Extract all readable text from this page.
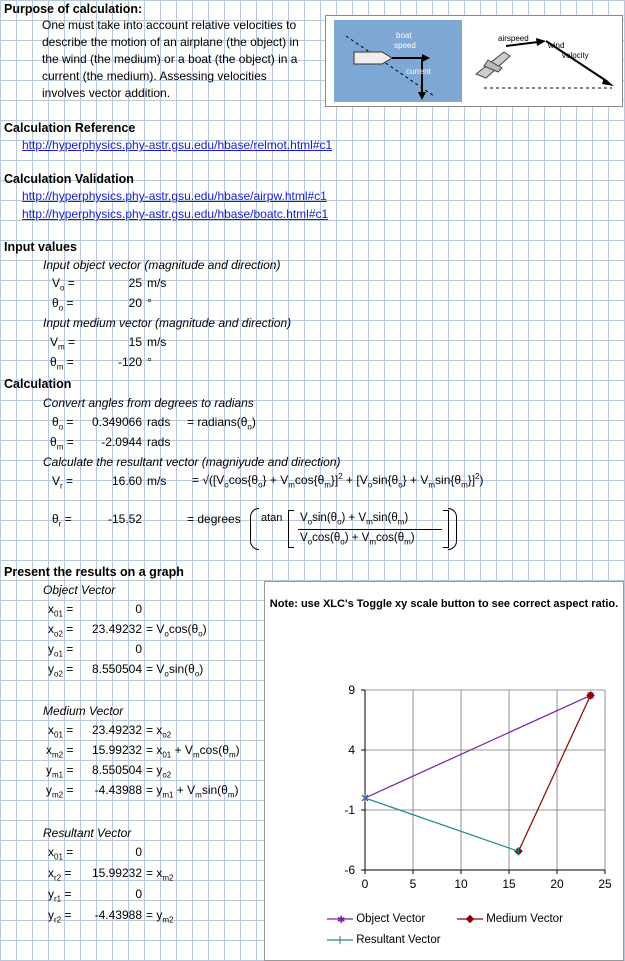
Purpose of calculation:
One must take into account relative velocities to
describe the motion of an airplane (the object) in
the wind (the medium) or a boat (the object) in a
current (the medium). Assessing velocities
involves vector addition.
boat
speed
current
airspeed
wind
velocity
Calculation Reference
http://hyperphysics.phy-astr.gsu.edu/hbase/relmot.html#c1
Calculation Validation
http://hyperphysics.phy-astr.gsu.edu/hbase/airpw.html#c1
http://hyperphysics.phy-astr.gsu.edu/hbase/boatc.html#c1
Input values
Input object vector (magnitude and direction)
$V_o$ =	25 m/s
$\theta_o$ =	20 °
Input medium vector (magnitude and direction)
$V_m$ =	15 m/s
$\theta_m$ =	-120 °
Calculation
Convert angles from degrees to radians
$\theta_o$ =	0.349066 rads = $radians(\theta_o)$
$\theta_m$ =	-2.0944 rads
Calculate the resultant vector (magniyude and direction)
$V_r$ =	16.60 $m/s = √([V_o\cos\{\theta_o\} + V_m\cos\{\theta_m\}]^2 + [V_o\sin\{\theta_o\} + V_m\sin\{\theta_m\}]^2)$
$\theta_r$ =	-15.52	= degrees atan $V_o\sin(\theta_o) + V_m\sin(\theta_m)$
$V_o\cos(\theta_o) + V_m\cos(\theta_m)$
Present the results on a graph
Object Vector
$x_{01}$ =	0
$x_{o2}$ =	$23.49232 = V_o\cos(\theta_o)$
$y_{o1}$ =	0
$y_{o2}$ =	$8.550504 = V_o\sin(\theta_o)$
Medium Vector
$x_{01}$ =	$23.49232 = x_{o2}$
$x_{m2}$ =	$15.99232 = x_{01} + V_m\cos(\theta_m)$
$y_{m1}$ =	$8.550504 = y_{o2}$
$y_{m2}$ =	$-4.43988 = y_{m1} + V_m\sin(\theta_m)$
Resultant Vector
$x_{01}$ =	0
$x_{r2}$ =	$15.99232 = x_{m2}$
$y_{r1}$ =	0
$y_{r2}$ =	$-4.43988 = y_{m2}$
Note: use XLC's Toggle xy scale button to see correct aspect ratio.
0	5	10	15	20	25
9
4
-1
-6
✱ Object Vector	Medium Vector
Resultant Vector
